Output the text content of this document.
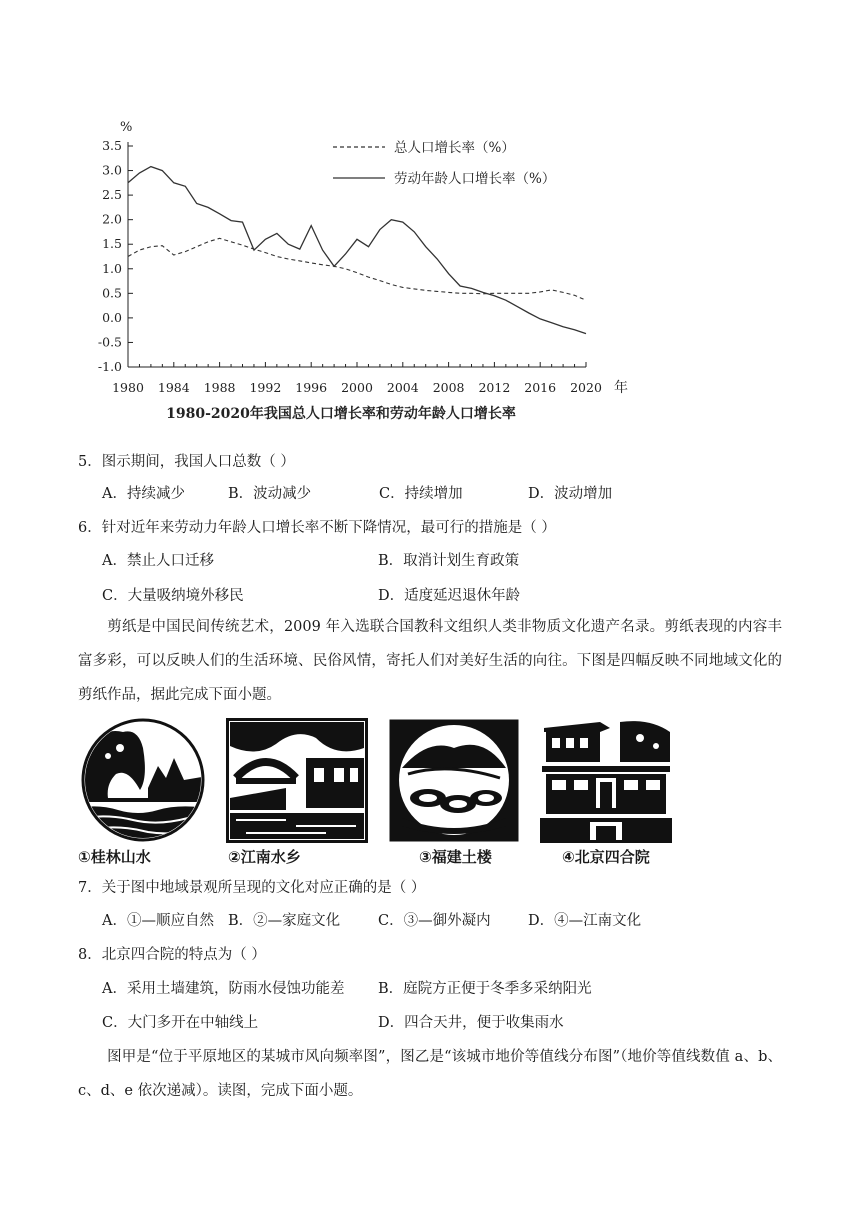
3.5
3.0
2.5
2.0
1.5
1.0
0.5
0.0
-0.5
-1.0
1980 1984 1988 1992 1996 2000 2004 2008 2012 2016 2020
总人口增长率（%）
劳动年龄人口增长率（%）
%
年
1980-2020年我国总人口增长率和劳动年龄人口增长率
5．图示期间，我国人口总数（ ）
A．持续减少	B．波动减少	C．持续增加	D．波动增加
6．针对近年来劳动力年龄人口增长率不断下降情况，最可行的措施是（ ）
A．禁止人口迁移	B．取消计划生育政策
C．大量吸纳境外移民	D．适度延迟退休年龄
剪纸是中国民间传统艺术，2009 年入选联合国教科文组织人类非物质文化遗产名录。剪纸表现的内容丰富多彩，可以反映人们的生活环境、民俗风情，寄托人们对美好生活的向往。下图是四幅反映不同地域文化的剪纸作品，据此完成下面小题。
①桂林山水	②江南水乡	③福建土楼	④北京四合院
7．关于图中地域景观所呈现的文化对应正确的是（ ）
A．①—顺应自然 B．②—家庭文化	C．③—御外凝内	D．④—江南文化
8．北京四合院的特点为（ ）
A．采用土墙建筑，防雨水侵蚀功能差 B．庭院方正便于冬季多采纳阳光
C．大门多开在中轴线上	D．四合天井，便于收集雨水
图甲是“位于平原地区的某城市风向频率图”，图乙是“该城市地价等值线分布图”（地价等值线数值 a、b、c、d、e 依次递减）。读图，完成下面小题。
